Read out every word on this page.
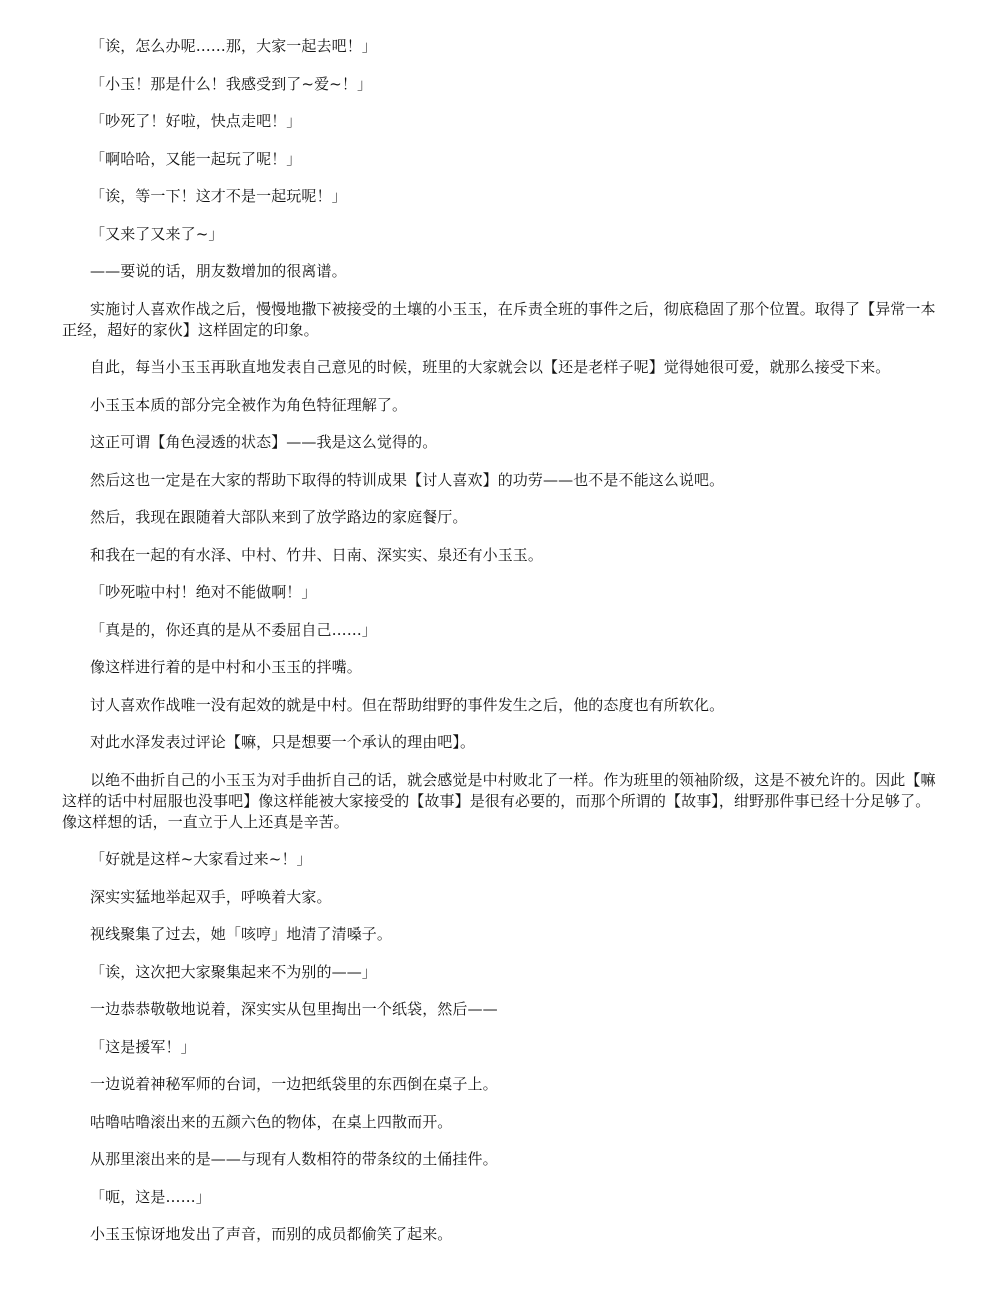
「诶，怎么办呢……那，大家一起去吧！」

「小玉！那是什么！我感受到了~爱~！」

「吵死了！好啦，快点走吧！」

「啊哈哈，又能一起玩了呢！」

「诶，等一下！这才不是一起玩呢！」

「又来了又来了~」

——要说的话，朋友数增加的很离谱。

实施讨人喜欢作战之后，慢慢地撒下被接受的土壤的小玉玉，在斥责全班的事件之后，彻底稳固了那个位置。取得了【异常一本正经，超好的家伙】这样固定的印象。

自此，每当小玉玉再耿直地发表自己意见的时候，班里的大家就会以【还是老样子呢】觉得她很可爱，就那么接受下来。

小玉玉本质的部分完全被作为角色特征理解了。

这正可谓【角色浸透的状态】——我是这么觉得的。

然后这也一定是在大家的帮助下取得的特训成果【讨人喜欢】的功劳——也不是不能这么说吧。

然后，我现在跟随着大部队来到了放学路边的家庭餐厅。

和我在一起的有水泽、中村、竹井、日南、深实实、泉还有小玉玉。

「吵死啦中村！绝对不能做啊！」

「真是的，你还真的是从不委屈自己……」

像这样进行着的是中村和小玉玉的拌嘴。

讨人喜欢作战唯一没有起效的就是中村。但在帮助绀野的事件发生之后，他的态度也有所软化。

对此水泽发表过评论【嘛，只是想要一个承认的理由吧】。

以绝不曲折自己的小玉玉为对手曲折自己的话，就会感觉是中村败北了一样。作为班里的领袖阶级，这是不被允许的。因此【嘛这样的话中村屈服也没事吧】像这样能被大家接受的【故事】是很有必要的，而那个所谓的【故事】，绀野那件事已经十分足够了。像这样想的话，一直立于人上还真是辛苦。

「好就是这样~大家看过来~！」

深实实猛地举起双手，呼唤着大家。

视线聚集了过去，她「咳哼」地清了清嗓子。

「诶，这次把大家聚集起来不为别的——」

一边恭恭敬敬地说着，深实实从包里掏出一个纸袋，然后——

「这是援军！」

一边说着神秘军师的台词，一边把纸袋里的东西倒在桌子上。

咕噜咕噜滚出来的五颜六色的物体，在桌上四散而开。

从那里滚出来的是——与现有人数相符的带条纹的土俑挂件。

「呃，这是……」

小玉玉惊讶地发出了声音，而别的成员都偷笑了起来。
